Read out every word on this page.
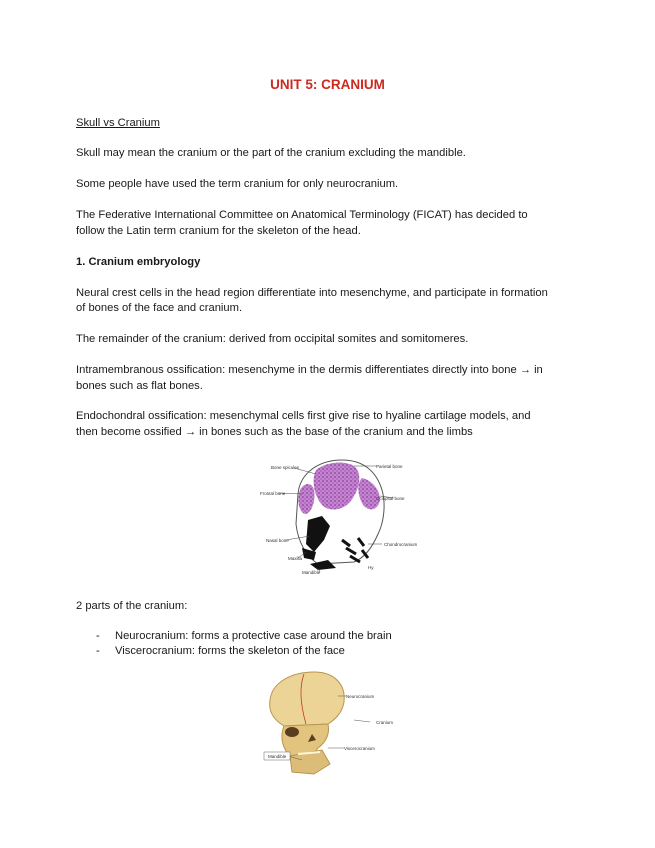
UNIT 5: CRANIUM

Skull vs Cranium

Skull may mean the cranium or the part of the cranium excluding the mandible.

Some people have used the term cranium for only neurocranium.

The Federative International Committee on Anatomical Terminology (FICAT) has decided to

follow the Latin term cranium for the skeleton of the head.

1. Cranium embryology

Neural crest cells in the head region differentiate into mesenchyme, and participate in formation

of bones of the face and cranium.

The remainder of the cranium: derived from occipital somites and somitomeres.

Intramembranous ossification: mesenchyme in the dermis differentiates directly into bone → in

bones such as flat bones.

Endochondral ossification: mesenchymal cells first give rise to hyaline cartilage models, and

then become ossified → in bones such as the base of the cranium and the limbs

Bone spicules	Parietal bone
Frontal bone
Occipital bone
Nasal bone
Maxilla
Mandible
Chondrocranium
Hy

2 parts of the cranium:

- Neurocranium: forms a protective case around the brain
- Viscerocranium: forms the skeleton of the face
Neurocranium
Cranium
Viscerocranium
Mandible
